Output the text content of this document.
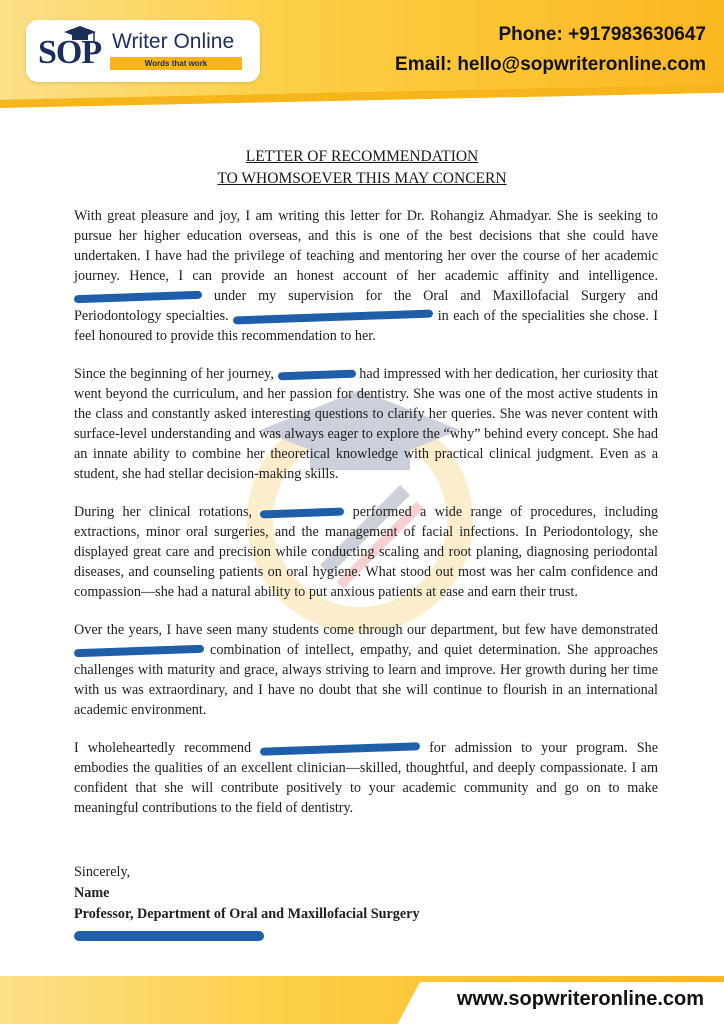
SOP Writer Online
Words that work
Phone: +917983630647
Email: hello@sopwriteronline.com
LETTER OF RECOMMENDATION
TO WHOMSOEVER THIS MAY CONCERN

With great pleasure and joy, I am writing this letter for Dr. Rohangiz Ahmadyar. She is seeking to pursue her higher education overseas, and this is one of the best decisions that she could have undertaken. I have had the privilege of teaching and mentoring her over the course of her academic journey. Hence, I can provide an honest account of her academic affinity and intelligence.  under my supervision for the Oral and Maxillofacial Surgery and Periodontology specialties.	in each of the specialities she chose. I feel honoured to provide this recommendation to her.

Since the beginning of her journey,	had impressed with her dedication, her curiosity that went beyond the curriculum, and her passion for dentistry. She was one of the most active students in the class and constantly asked interesting questions to clarify her queries. She was never content with surface-level understanding and was always eager to explore the “why” behind every concept. She had an innate ability to combine her theoretical knowledge with practical clinical judgment. Even as a student, she had stellar decision-making skills.

During her clinical rotations,	performed a wide range of procedures, including extractions, minor oral surgeries, and the management of facial infections. In Periodontology, she displayed great care and precision while conducting scaling and root planing, diagnosing periodontal diseases, and counseling patients on oral hygiene. What stood out most was her calm confidence and compassion—she had a natural ability to put anxious patients at ease and earn their trust.

Over the years, I have seen many students come through our department, but few have demonstrated  combination of intellect, empathy, and quiet determination. She approaches challenges with maturity and grace, always striving to learn and improve. Her growth during her time with us was extraordinary, and I have no doubt that she will continue to flourish in an international academic environment.

I wholeheartedly recommend	for admission to your program. She embodies the qualities of an excellent clinician—skilled, thoughtful, and deeply compassionate. I am confident that she will contribute positively to your academic community and go on to make meaningful contributions to the field of dentistry.

Sincerely,
Name
Professor, Department of Oral and Maxillofacial Surgery
www.sopwriteronline.com
